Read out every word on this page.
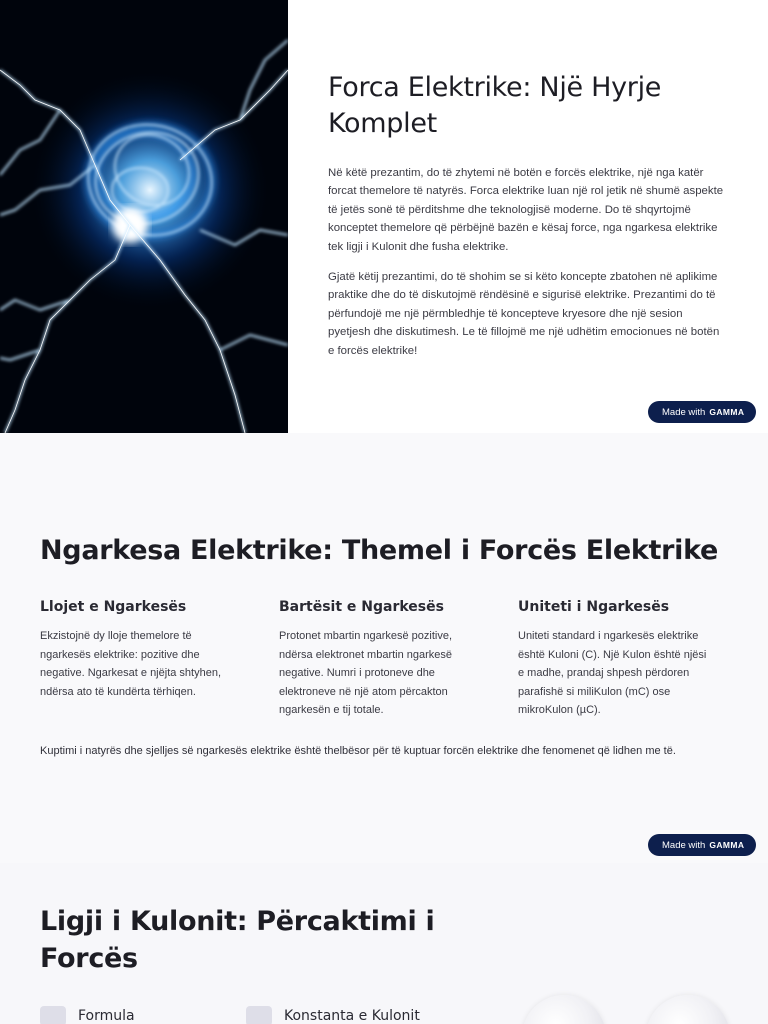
Forca Elektrike: Një Hyrje Komplet

Në këtë prezantim, do të zhytemi në botën e forcës elektrike, një nga katër forcat themelore të natyrës. Forca elektrike luan një rol jetik në shumë aspekte të jetës sonë të përditshme dhe teknologjisë moderne. Do të shqyrtojmë konceptet themelore që përbëjnë bazën e kësaj force, nga ngarkesa elektrike tek ligji i Kulonit dhe fusha elektrike.

Gjatë këtij prezantimi, do të shohim se si këto koncepte zbatohen në aplikime praktike dhe do të diskutojmë rëndësinë e sigurisë elektrike. Prezantimi do të përfundojë me një përmbledhje të koncepteve kryesore dhe një sesion pyetjesh dhe diskutimesh. Le të fillojmë me një udhëtim emocionues në botën e forcës elektrike!

Made with GAMMA
Ngarkesa Elektrike: Themel i Forcës Elektrike
Llojet e Ngarkesës

Ekzistojnë dy lloje themelore të ngarkesës elektrike: pozitive dhe negative. Ngarkesat e njëjta shtyhen, ndërsa ato të kundërta tërhiqen.

Bartësit e Ngarkesës

Protonet mbartin ngarkesë pozitive, ndërsa elektronet mbartin ngarkesë negative. Numri i protoneve dhe elektroneve në një atom përcakton ngarkesën e tij totale.

Uniteti i Ngarkesës

Uniteti standard i ngarkesës elektrike është Kuloni (C). Një Kulon është njësi e madhe, prandaj shpesh përdoren parafishë si miliKulon (mC) ose mikroKulon (µC).

Kuptimi i natyrës dhe sjelljes së ngarkesës elektrike është thelbësor për të kuptuar forcën elektrike dhe fenomenet që lidhen me të.

Made with GAMMA
Ligji i Kulonit: Përcaktimi i Forcës
Formula	Konstanta e Kulonit
